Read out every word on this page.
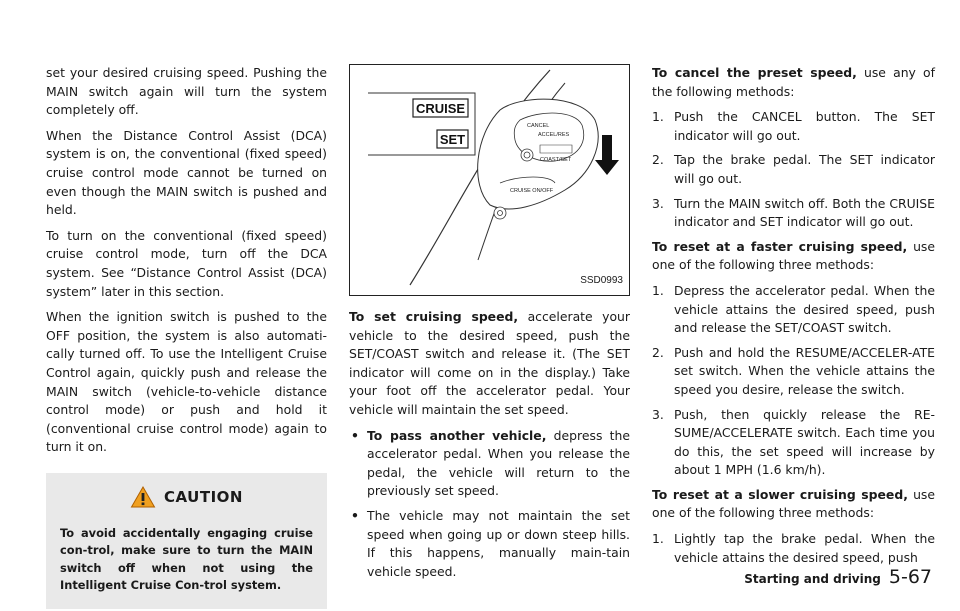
set your desired cruising speed. Pushing the MAIN switch again will turn the system completely off.

When the Distance Control Assist (DCA) system is on, the conventional (fixed speed) cruise control mode cannot be turned on even though the MAIN switch is pushed and held.

To turn on the conventional (fixed speed) cruise control mode, turn off the DCA system. See “Distance Control Assist (DCA) system” later in this section.

When the ignition switch is pushed to the OFF position, the system is also automati-cally turned off. To use the Intelligent Cruise Control again, quickly push and release the MAIN switch (vehicle-to-vehicle distance control mode) or push and hold it (conventional cruise control mode) again to turn it on.

CAUTION

To avoid accidentally engaging cruise con-trol, make sure to turn the MAIN switch off when not using the Intelligent Cruise Con-trol system.

CRUISE
SET
CANCEL
ACCEL/RES
COAST/SET
CRUISE ON/OFF
SSD0993

To set cruising speed, accelerate your vehicle to the desired speed, push the SET/COAST switch and release it. (The SET indicator will come on in the display.) Take your foot off the accelerator pedal. Your vehicle will maintain the set speed.

• To pass another vehicle, depress the accelerator pedal. When you release the pedal, the vehicle will return to the previously set speed.
• The vehicle may not maintain the set speed when going up or down steep hills. If this happens, manually main-tain vehicle speed.

To cancel the preset speed, use any of the following methods:

1. Push the CANCEL button. The SET indicator will go out.
2. Tap the brake pedal. The SET indicator will go out.
3. Turn the MAIN switch off. Both the CRUISE indicator and SET indicator will go out.

To reset at a faster cruising speed, use one of the following three methods:

1. Depress the accelerator pedal. When the vehicle attains the desired speed, push and release the SET/COAST switch.
2. Push and hold the RESUME/ACCELER-ATE set switch. When the vehicle attains the speed you desire, release the switch.
3. Push, then quickly release the RE-SUME/ACCELERATE switch. Each time you do this, the set speed will increase by about 1 MPH (1.6 km/h).

To reset at a slower cruising speed, use one of the following three methods:

1. Lightly tap the brake pedal. When the vehicle attains the desired speed, push
Starting and driving 5-67
